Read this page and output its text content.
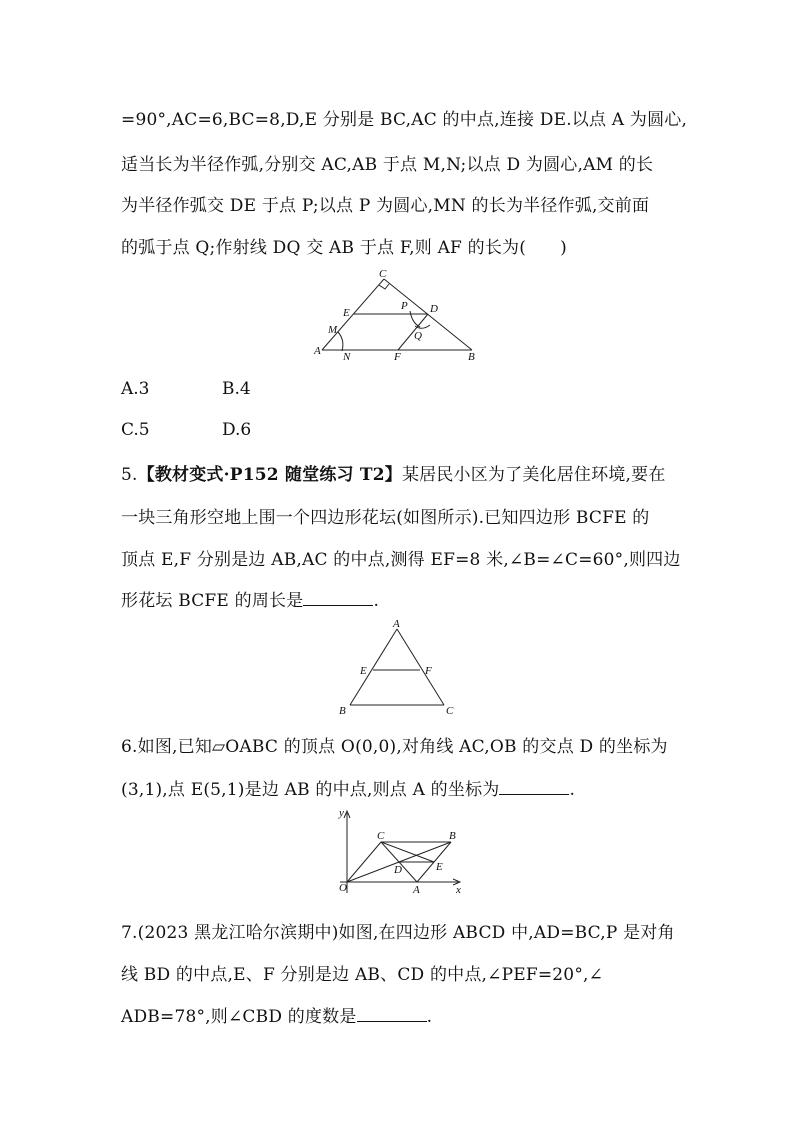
=90°,AC=6,BC=8,D,E 分别是 BC,AC 的中点,连接 DE.以点 A 为圆心,
适当长为半径作弧,分别交 AC,AB 于点 M,N;以点 D 为圆心,AM 的长
为半径作弧交 DE 于点 P;以点 P 为圆心,MN 的长为半径作弧,交前面
的弧于点 Q;作射线 DQ 交 AB 于点 F,则 AF 的长为( )
C
E
P D
M	Q
A N	F	B
A.3	B.4
C.5	D.6
5.【教材变式·P152 随堂练习 T2】某居民小区为了美化居住环境,要在
一块三角形空地上围一个四边形花坛(如图所示).已知四边形 BCFE 的
顶点 E,F 分别是边 AB,AC 的中点,测得 EF=8 米,∠B=∠C=60°,则四边
形花坛 BCFE 的周长是	.
A
E	F
B	C
6.如图,已知▱OABC 的顶点 O(0,0),对角线 AC,OB 的交点 D 的坐标为
(3,1),点 E(5,1)是边 AB 的中点,则点 A 的坐标为	.
y
x
O	A
B
C
D	E
7.(2023 黑龙江哈尔滨期中)如图,在四边形 ABCD 中,AD=BC,P 是对角
线 BD 的中点,E、F 分别是边 AB、CD 的中点,∠PEF=20°,∠
ADB=78°,则∠CBD 的度数是	.
